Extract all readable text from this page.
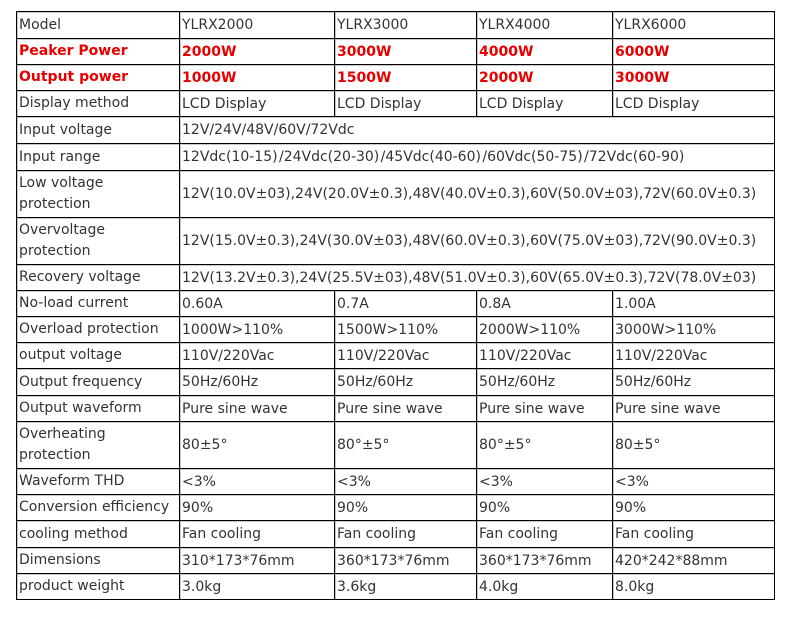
Model	YLRX2000	YLRX3000	YLRX4000	YLRX6000
Peaker Power	2000W	3000W	4000W	6000W
Output power	1000W	1500W	2000W	3000W
Display method	LCD Display	LCD Display	LCD Display	LCD Display
Input voltage	12V/24V/48V/60V/72Vdc			
Input range	12Vdc(10-15) /24Vdc(20-30) /45Vdc(40-60) /60Vdc(50-75) /72Vdc(60-90)			
Low voltage protection	12V(10.0V±03),24V(20.0V±0.3),48V(40.0V±0.3),60V(50.0V±03),72V(60.0V±0.3)			
Overvoltage protection	12V(15.0V±0.3),24V(30.0V±03),48V(60.0V±0.3),60V(75.0V±03),72V(90.0V±0.3)			
Recovery voltage	12V(13.2V±0.3),24V(25.5V±03),48V(51.0V±0.3),60V(65.0V±0.3),72V(78.0V±03)			
No-load current	0.60A	0.7A	0.8A	1.00A
Overload protection	1000W>110%	1500W>110%	2000W>110%	3000W>110%
output voltage	110V/220Vac	110V/220Vac	110V/220Vac	110V/220Vac
Output frequency	50Hz/60Hz	50Hz/60Hz	50Hz/60Hz	50Hz/60Hz
Output waveform	Pure sine wave	Pure sine wave	Pure sine wave	Pure sine wave
Overheating protection	80±5°	80°±5°	80°±5°	80±5°
Waveform THD	<3%	<3%	<3%	<3%
Conversion efficiency	90%	90%	90%	90%
cooling method	Fan cooling	Fan cooling	Fan cooling	Fan cooling
Dimensions	310*173*76mm	360*173*76mm	360*173*76mm	420*242*88mm
product weight	3.0kg	3.6kg	4.0kg	8.0kg
